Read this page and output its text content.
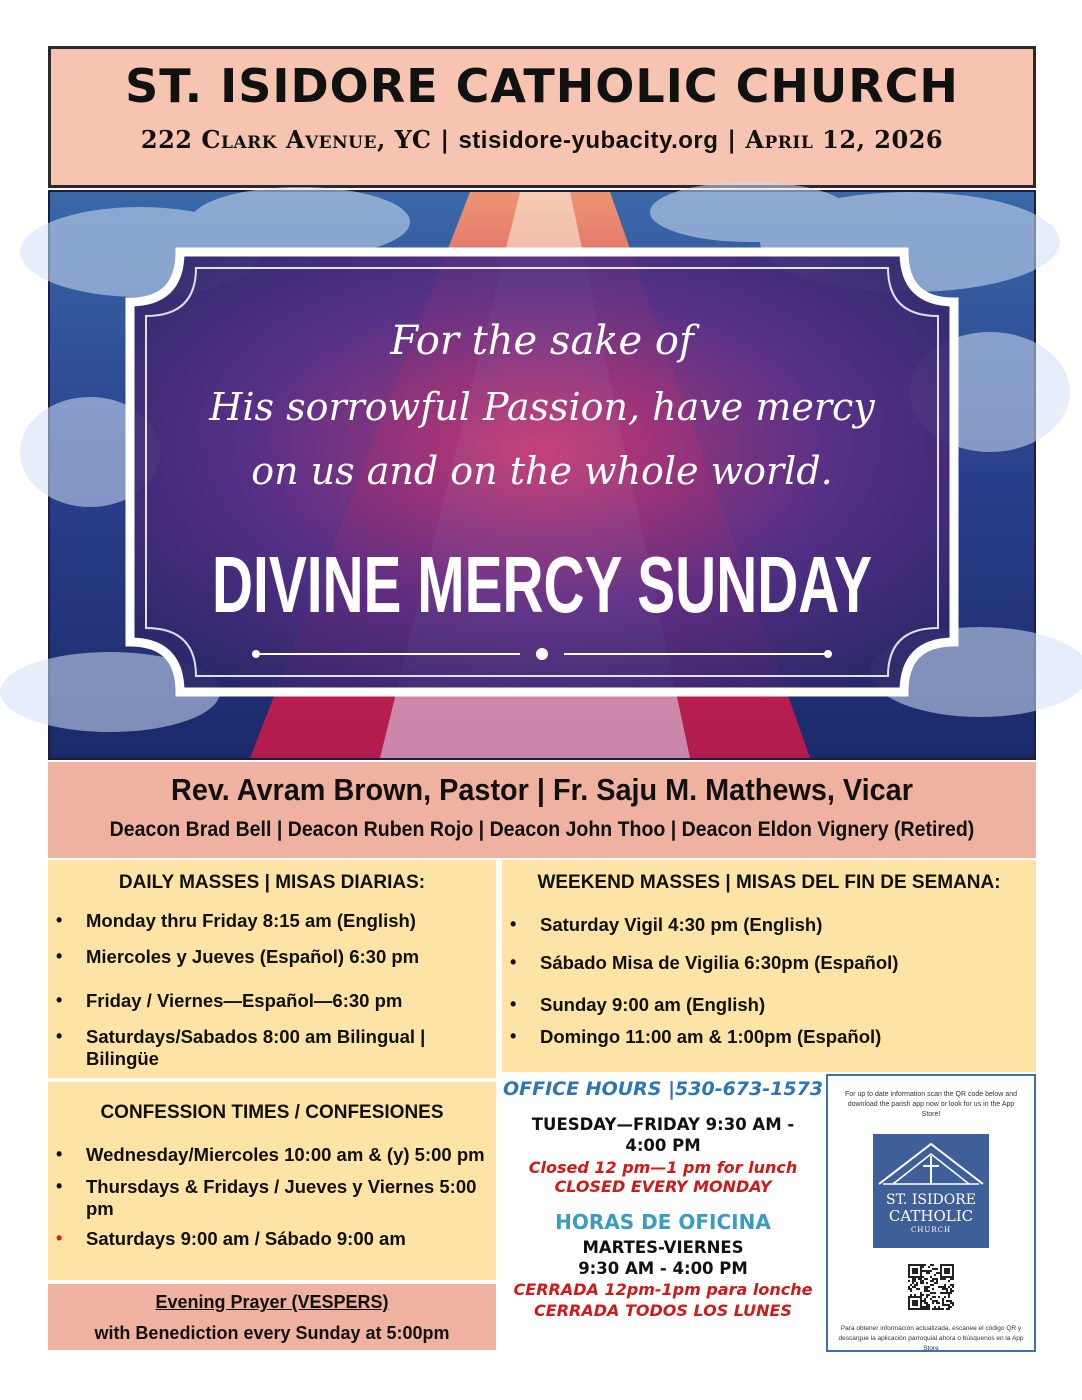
ST. ISIDORE CATHOLIC CHURCH
222 Clark Avenue, YC | stisidore-yubacity.org | April 12, 2026
For the sake of
His sorrowful Passion, have mercy
on us and on the whole world.
DIVINE MERCY SUNDAY
Rev. Avram Brown, Pastor | Fr. Saju M. Mathews, Vicar
Deacon Brad Bell | Deacon Ruben Rojo | Deacon John Thoo | Deacon Eldon Vignery (Retired)
DAILY MASSES | MISAS DIARIAS:
• Monday thru Friday 8:15 am (English)
• Miercoles y Jueves (Español) 6:30 pm
• Friday / Viernes—Español—6:30 pm
• Saturdays/Sabados 8:00 am Bilingual | Bilingüe
WEEKEND MASSES | MISAS DEL FIN DE SEMANA:
• Saturday Vigil 4:30 pm (English)
• Sábado Misa de Vigilia 6:30pm (Español)
• Sunday 9:00 am (English)
• Domingo 11:00 am & 1:00pm (Español)
CONFESSION TIMES / CONFESIONES
• Wednesday/Miercoles 10:00 am & (y) 5:00 pm
• Thursdays & Fridays / Jueves y Viernes 5:00 pm
• Saturdays 9:00 am / Sábado 9:00 am
Evening Prayer (VESPERS)
with Benediction every Sunday at 5:00pm
OFFICE HOURS |530-673-1573
TUESDAY—FRIDAY 9:30 AM - 4:00 PM
Closed 12 pm—1 pm for lunch
CLOSED EVERY MONDAY
HORAS DE OFICINA
MARTES-VIERNES
9:30 AM - 4:00 PM
CERRADA 12pm-1pm para lonche
CERRADA TODOS LOS LUNES
For up to date information scan the QR code below and download the parish app now or look for us in the App Store!
ST. ISIDORE
CATHOLIC
CHURCH
Para obtener información actualizada, escanee el código QR y descargue la aplicación parroquial ahora o búsquenos en la App Store
